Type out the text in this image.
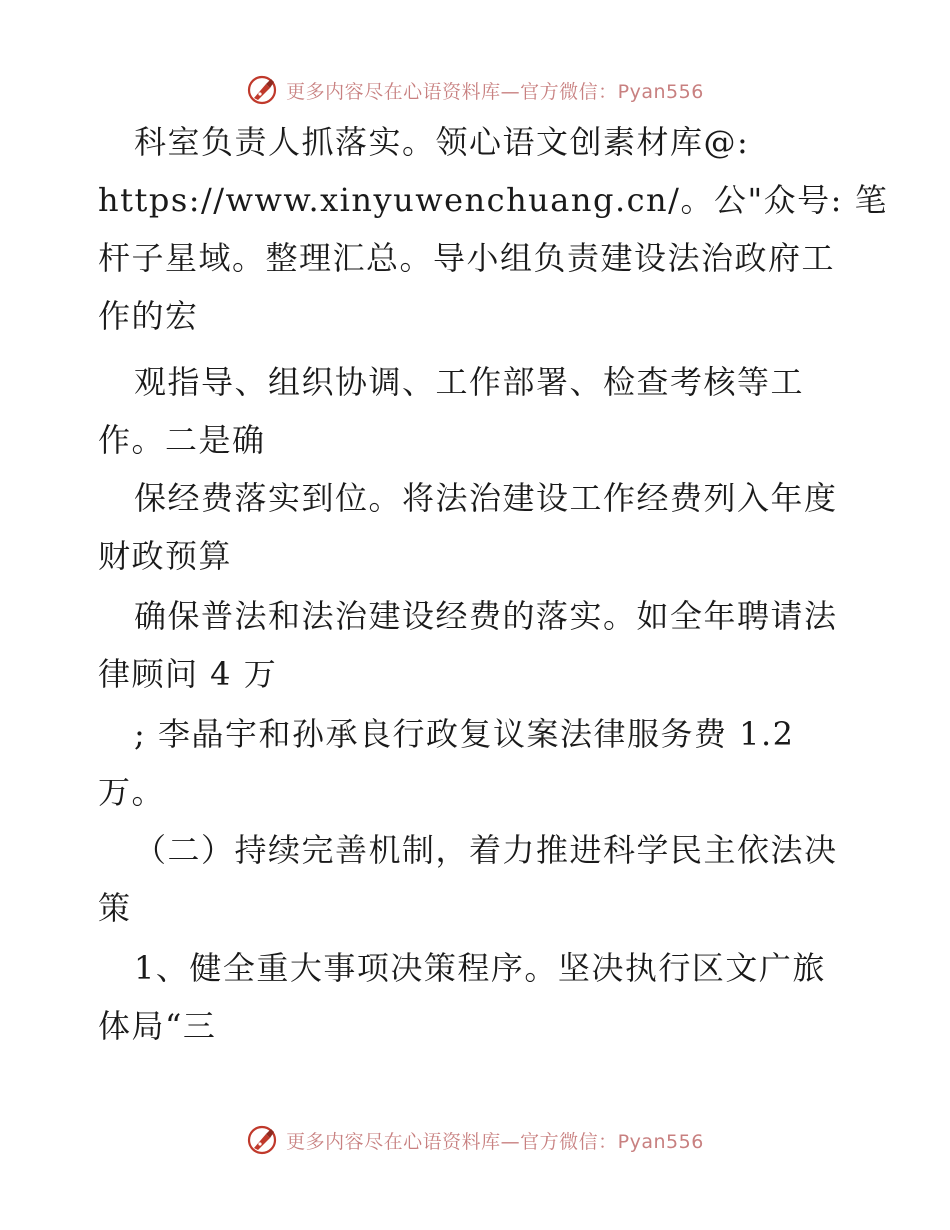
更多内容尽在心语资料库—官方微信：Pyan556
科室负责人抓落实。领心语文创素材库@:
https://www.xinyuwenchuang.cn/。公"众号: 笔
杆子星域。整理汇总。导小组负责建设法治政府工
作的宏
观指导、组织协调、工作部署、检查考核等工
作。二是确
保经费落实到位。将法治建设工作经费列入年度
财政预算
确保普法和法治建设经费的落实。如全年聘请法
律顾问 4 万
; 李晶宇和孙承良行政复议案法律服务费 1.2
万。
（二）持续完善机制，着力推进科学民主依法决
策
1、健全重大事项决策程序。坚决执行区文广旅
体局“三
更多内容尽在心语资料库—官方微信：Pyan556
